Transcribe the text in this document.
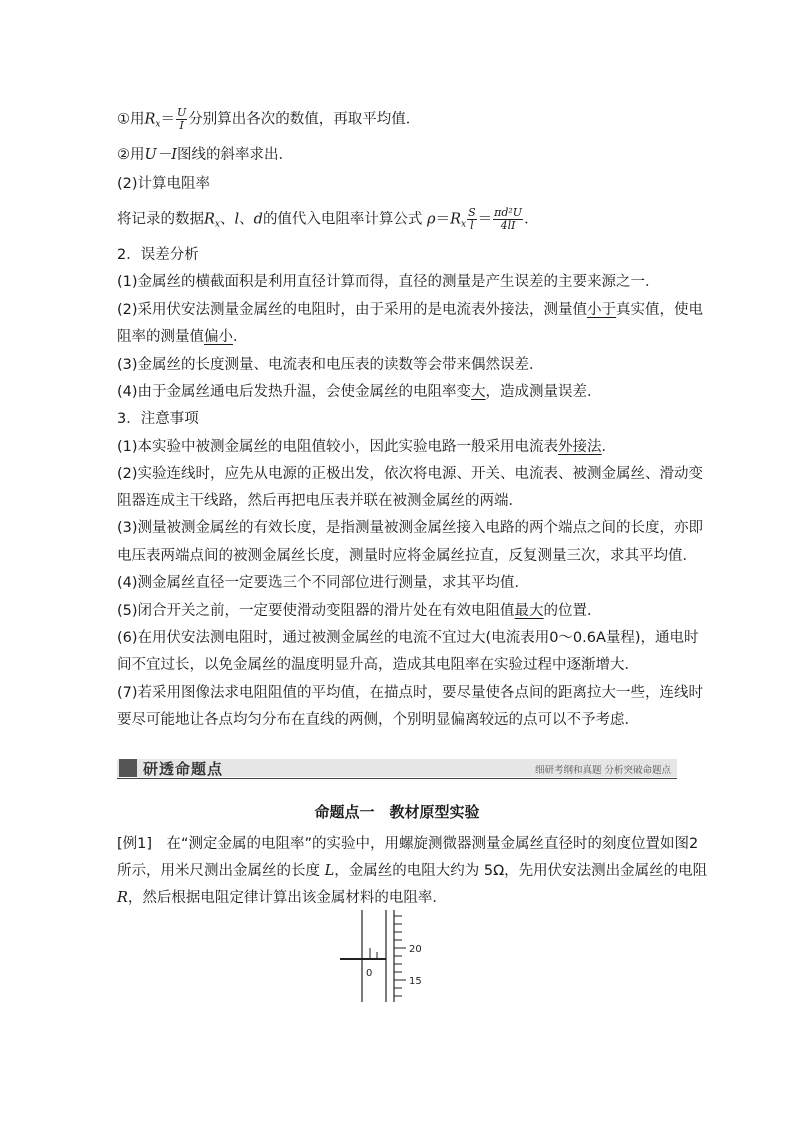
①用$R_x= \frac{U}{I}$ 分别算出各次的数值，再取平均值．
②用U－I图线的斜率求出．
(2)计算电阻率
将记录的数据$R_x$、l、d的值代入电阻率计算公式 $\rho=R_x \frac{S}{l} = \frac{\text{πd²U}}{4lI}$ ．
2．误差分析
(1)金属丝的横截面积是利用直径计算而得，直径的测量是产生误差的主要来源之一．
(2)采用伏安法测量金属丝的电阻时，由于采用的是电流表外接法，测量值小于真实值，使电
阻率的测量值偏小．
(3)金属丝的长度测量、电流表和电压表的读数等会带来偶然误差．
(4)由于金属丝通电后发热升温，会使金属丝的电阻率变大，造成测量误差．
3．注意事项
(1)本实验中被测金属丝的电阻值较小，因此实验电路一般采用电流表外接法．
(2)实验连线时，应先从电源的正极出发，依次将电源、开关、电流表、被测金属丝、滑动变
阻器连成主干线路，然后再把电压表并联在被测金属丝的两端．
(3)测量被测金属丝的有效长度，是指测量被测金属丝接入电路的两个端点之间的长度，亦即
电压表两端点间的被测金属丝长度，测量时应将金属丝拉直，反复测量三次，求其平均值．
(4)测金属丝直径一定要选三个不同部位进行测量，求其平均值．
(5)闭合开关之前，一定要使滑动变阻器的滑片处在有效电阻值最大的位置．
(6)在用伏安法测电阻时，通过被测金属丝的电流不宜过大(电流表用0～0.6A量程)，通电时
间不宜过长，以免金属丝的温度明显升高，造成其电阻率在实验过程中逐渐增大．
(7)若采用图像法求电阻阻值的平均值，在描点时，要尽量使各点间的距离拉大一些，连线时
要尽可能地让各点均匀分布在直线的两侧，个别明显偏离较远的点可以不予考虑．
研透命题点	细研考纲和真题 分析突破命题点
命题点一　教材原型实验
[例1]　在“测定金属的电阻率”的实验中，用螺旋测微器测量金属丝直径时的刻度位置如图2
所示，用米尺测出金属丝的长度 L，金属丝的电阻大约为 5Ω，先用伏安法测出金属丝的电阻
R，然后根据电阻定律计算出该金属材料的电阻率．
20
15
0
